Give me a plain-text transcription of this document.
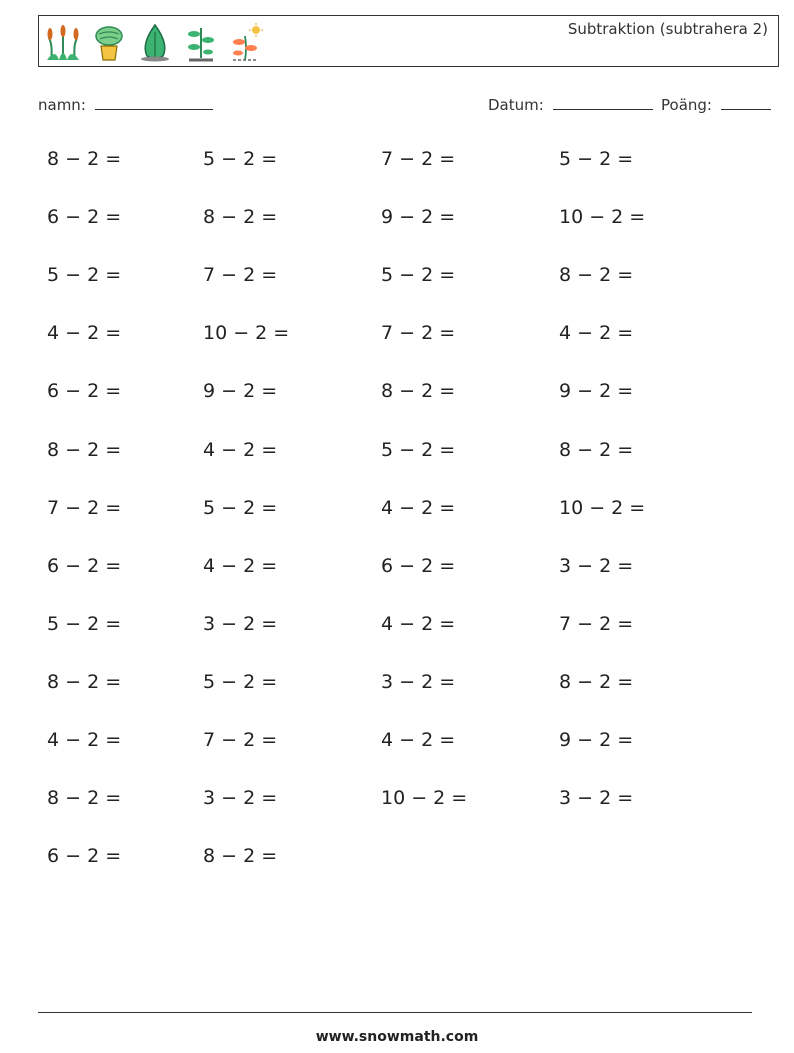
Subtraktion (subtrahera 2)
namn:	Datum:	Poäng:
8 − 2 =	5 − 2 =	7 − 2 =	5 − 2 =
6 − 2 =	8 − 2 =	9 − 2 =	10 − 2 =
5 − 2 =	7 − 2 =	5 − 2 =	8 − 2 =
4 − 2 =	10 − 2 =	7 − 2 =	4 − 2 =
6 − 2 =	9 − 2 =	8 − 2 =	9 − 2 =
8 − 2 =	4 − 2 =	5 − 2 =	8 − 2 =
7 − 2 =	5 − 2 =	4 − 2 =	10 − 2 =
6 − 2 =	4 − 2 =	6 − 2 =	3 − 2 =
5 − 2 =	3 − 2 =	4 − 2 =	7 − 2 =
8 − 2 =	5 − 2 =	3 − 2 =	8 − 2 =
4 − 2 =	7 − 2 =	4 − 2 =	9 − 2 =
8 − 2 =	3 − 2 =	10 − 2 =	3 − 2 =
6 − 2 =	8 − 2 =
www.snowmath.com
